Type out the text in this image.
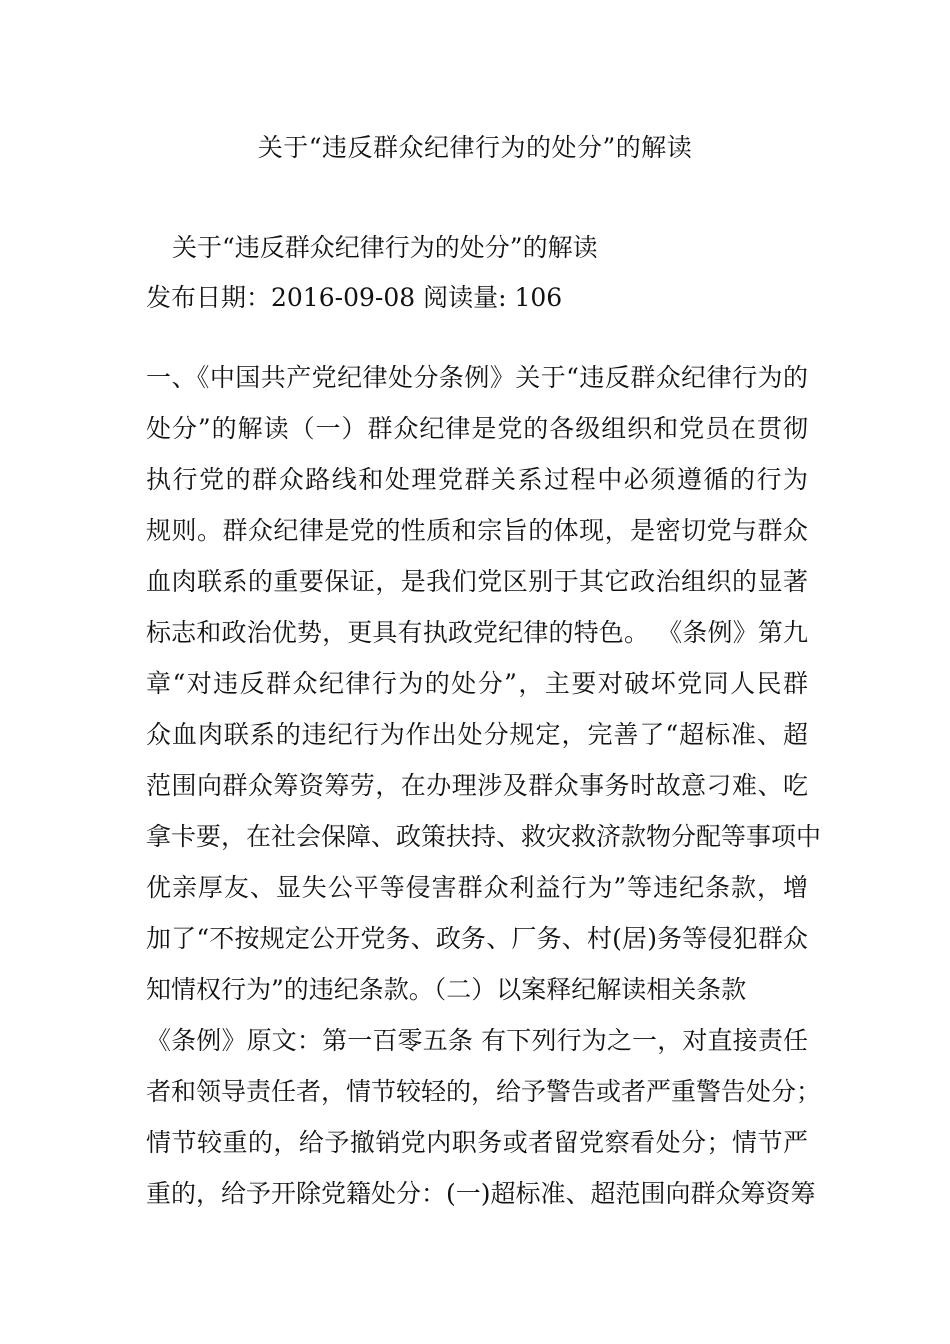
关于“违反群众纪律行为的处分”的解读
关于“违反群众纪律行为的处分”的解读
发布日期：2016-09-08 阅读量: 106
一、《中国共产党纪律处分条例》关于“违反群众纪律行为的
处分”的解读（一）群众纪律是党的各级组织和党员在贯彻
执行党的群众路线和处理党群关系过程中必须遵循的行为
规则。群众纪律是党的性质和宗旨的体现，是密切党与群众
血肉联系的重要保证，是我们党区别于其它政治组织的显著
标志和政治优势，更具有执政党纪律的特色。 《条例》第九
章“对违反群众纪律行为的处分”，主要对破坏党同人民群
众血肉联系的违纪行为作出处分规定，完善了“超标准、超
范围向群众筹资筹劳，在办理涉及群众事务时故意刁难、吃
拿卡要，在社会保障、政策扶持、救灾救济款物分配等事项中
优亲厚友、显失公平等侵害群众利益行为”等违纪条款，增
加了“不按规定公开党务、政务、厂务、村(居)务等侵犯群众
知情权行为”的违纪条款。（二）以案释纪解读相关条款
《条例》原文：第一百零五条 有下列行为之一，对直接责任
者和领导责任者，情节较轻的，给予警告或者严重警告处分；
情节较重的，给予撤销党内职务或者留党察看处分；情节严
重的，给予开除党籍处分：(一)超标准、超范围向群众筹资筹
